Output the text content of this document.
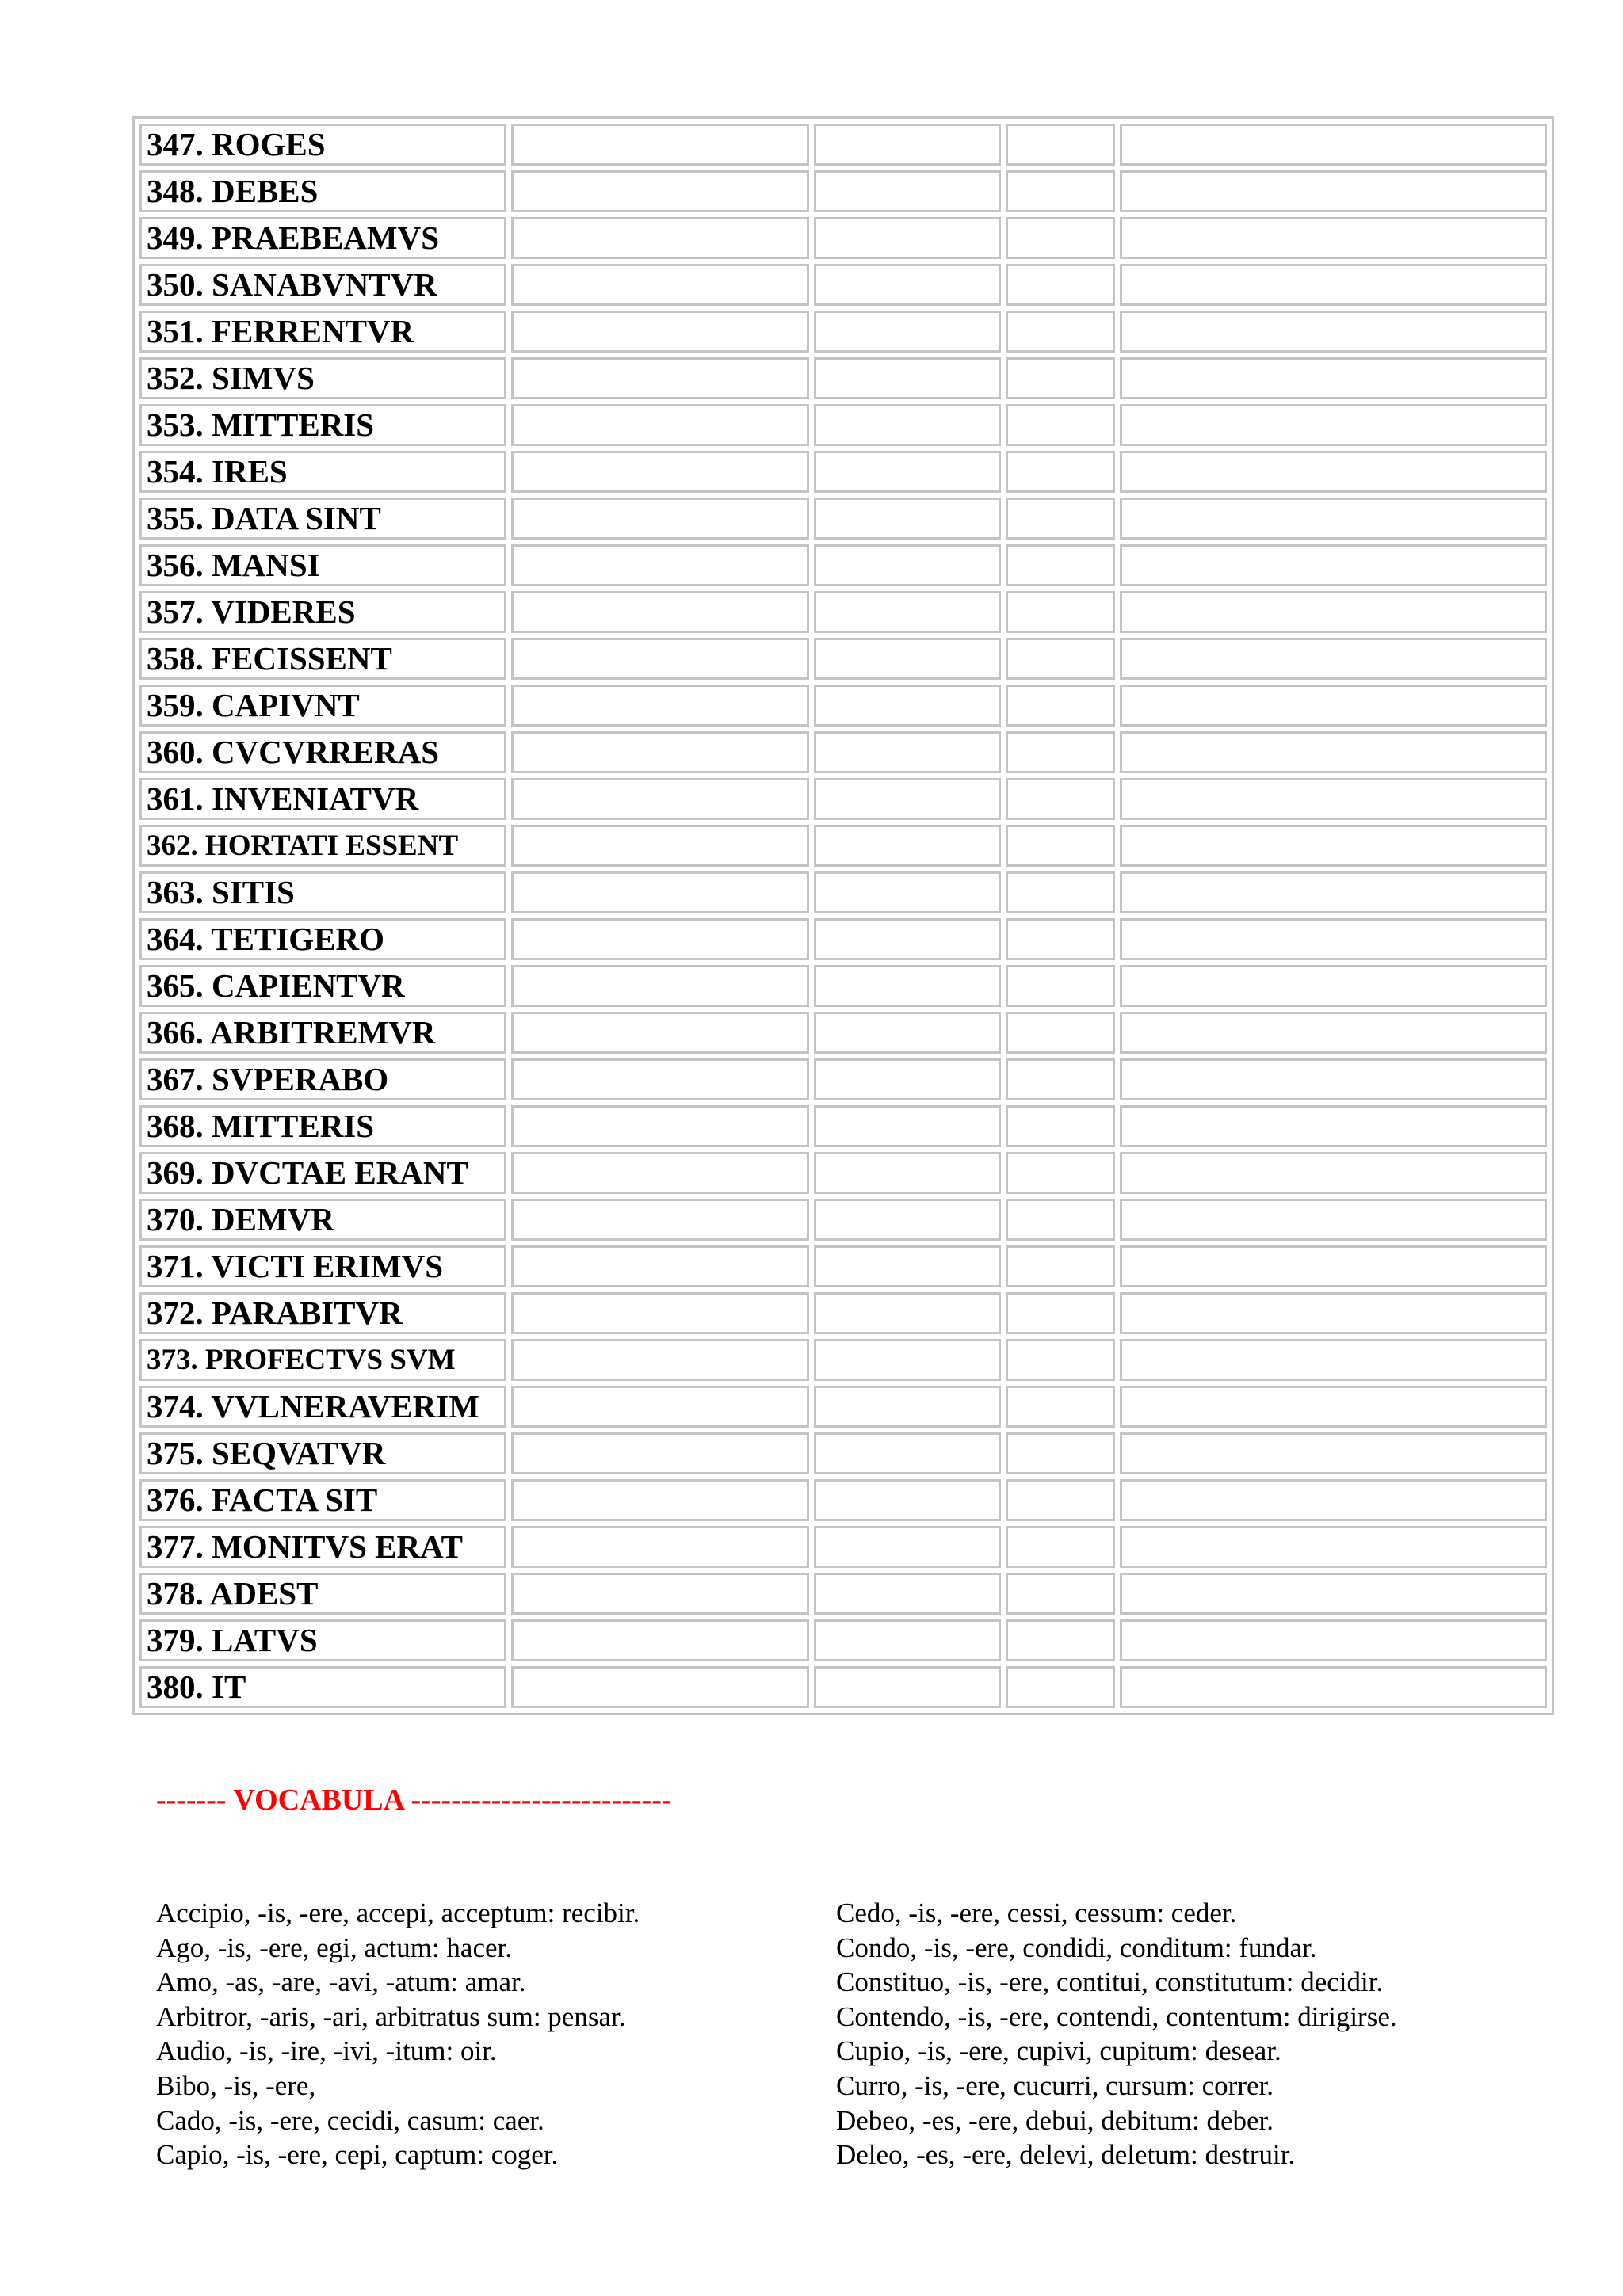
347. ROGES				
348. DEBES				
349. PRAEBEAMVS				
350. SANABVNTVR				
351. FERRENTVR				
352. SIMVS				
353. MITTERIS				
354. IRES				
355. DATA SINT				
356. MANSI				
357. VIDERES				
358. FECISSENT				
359. CAPIVNT				
360. CVCVRRERAS				
361. INVENIATVR				
362. HORTATI ESSENT				
363. SITIS				
364. TETIGERO				
365. CAPIENTVR				
366. ARBITREMVR				
367. SVPERABO				
368. MITTERIS				
369. DVCTAE ERANT				
370. DEMVR				
371. VICTI ERIMVS				
372. PARABITVR				
373. PROFECTVS SVM				
374. VVLNERAVERIM				
375. SEQVATVR				
376. FACTA SIT				
377. MONITVS ERAT				
378. ADEST				
379. LATVS				
380. IT				

------- VOCABULA --------------------------

Accipio, -is, -ere, accepi, acceptum: recibir.
Ago, -is, -ere, egi, actum: hacer.
Amo, -as, -are, -avi, -atum: amar.
Arbitror, -aris, -ari, arbitratus sum: pensar.
Audio, -is, -ire, -ivi, -itum: oir.
Bibo, -is, -ere,
Cado, -is, -ere, cecidi, casum: caer.
Capio, -is, -ere, cepi, captum: coger.
Cedo, -is, -ere, cessi, cessum: ceder.
Condo, -is, -ere, condidi, conditum: fundar.
Constituo, -is, -ere, contitui, constitutum: decidir.
Contendo, -is, -ere, contendi, contentum: dirigirse.
Cupio, -is, -ere, cupivi, cupitum: desear.
Curro, -is, -ere, cucurri, cursum: correr.
Debeo, -es, -ere, debui, debitum: deber.
Deleo, -es, -ere, delevi, deletum: destruir.
